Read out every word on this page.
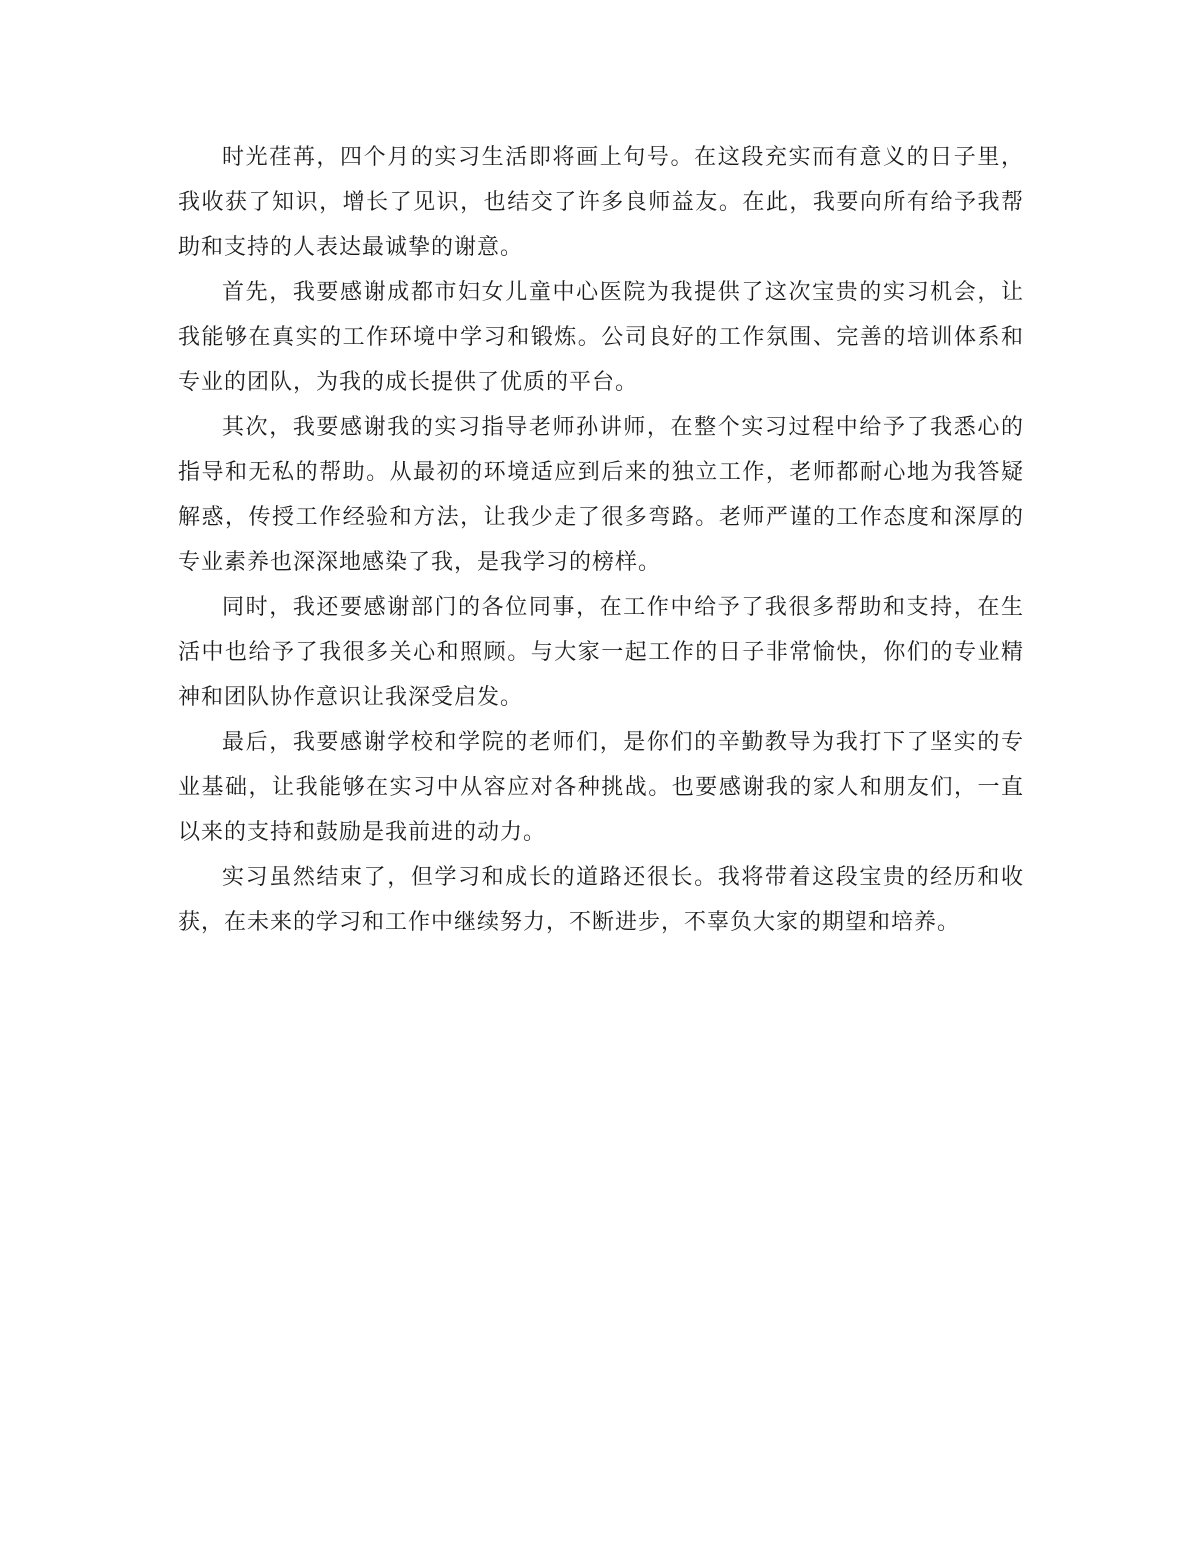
时光荏苒，四个月的实习生活即将画上句号。在这段充实而有意义的日子里，我收获了知识，增长了见识，也结交了许多良师益友。在此，我要向所有给予我帮助和支持的人表达最诚挚的谢意。

首先，我要感谢成都市妇女儿童中心医院为我提供了这次宝贵的实习机会，让我能够在真实的工作环境中学习和锻炼。公司良好的工作氛围、完善的培训体系和专业的团队，为我的成长提供了优质的平台。

其次，我要感谢我的实习指导老师孙讲师，在整个实习过程中给予了我悉心的指导和无私的帮助。从最初的环境适应到后来的独立工作，老师都耐心地为我答疑解惑，传授工作经验和方法，让我少走了很多弯路。老师严谨的工作态度和深厚的专业素养也深深地感染了我，是我学习的榜样。

同时，我还要感谢部门的各位同事，在工作中给予了我很多帮助和支持，在生活中也给予了我很多关心和照顾。与大家一起工作的日子非常愉快，你们的专业精神和团队协作意识让我深受启发。

最后，我要感谢学校和学院的老师们，是你们的辛勤教导为我打下了坚实的专业基础，让我能够在实习中从容应对各种挑战。也要感谢我的家人和朋友们，一直以来的支持和鼓励是我前进的动力。

实习虽然结束了，但学习和成长的道路还很长。我将带着这段宝贵的经历和收获，在未来的学习和工作中继续努力，不断进步，不辜负大家的期望和培养。
